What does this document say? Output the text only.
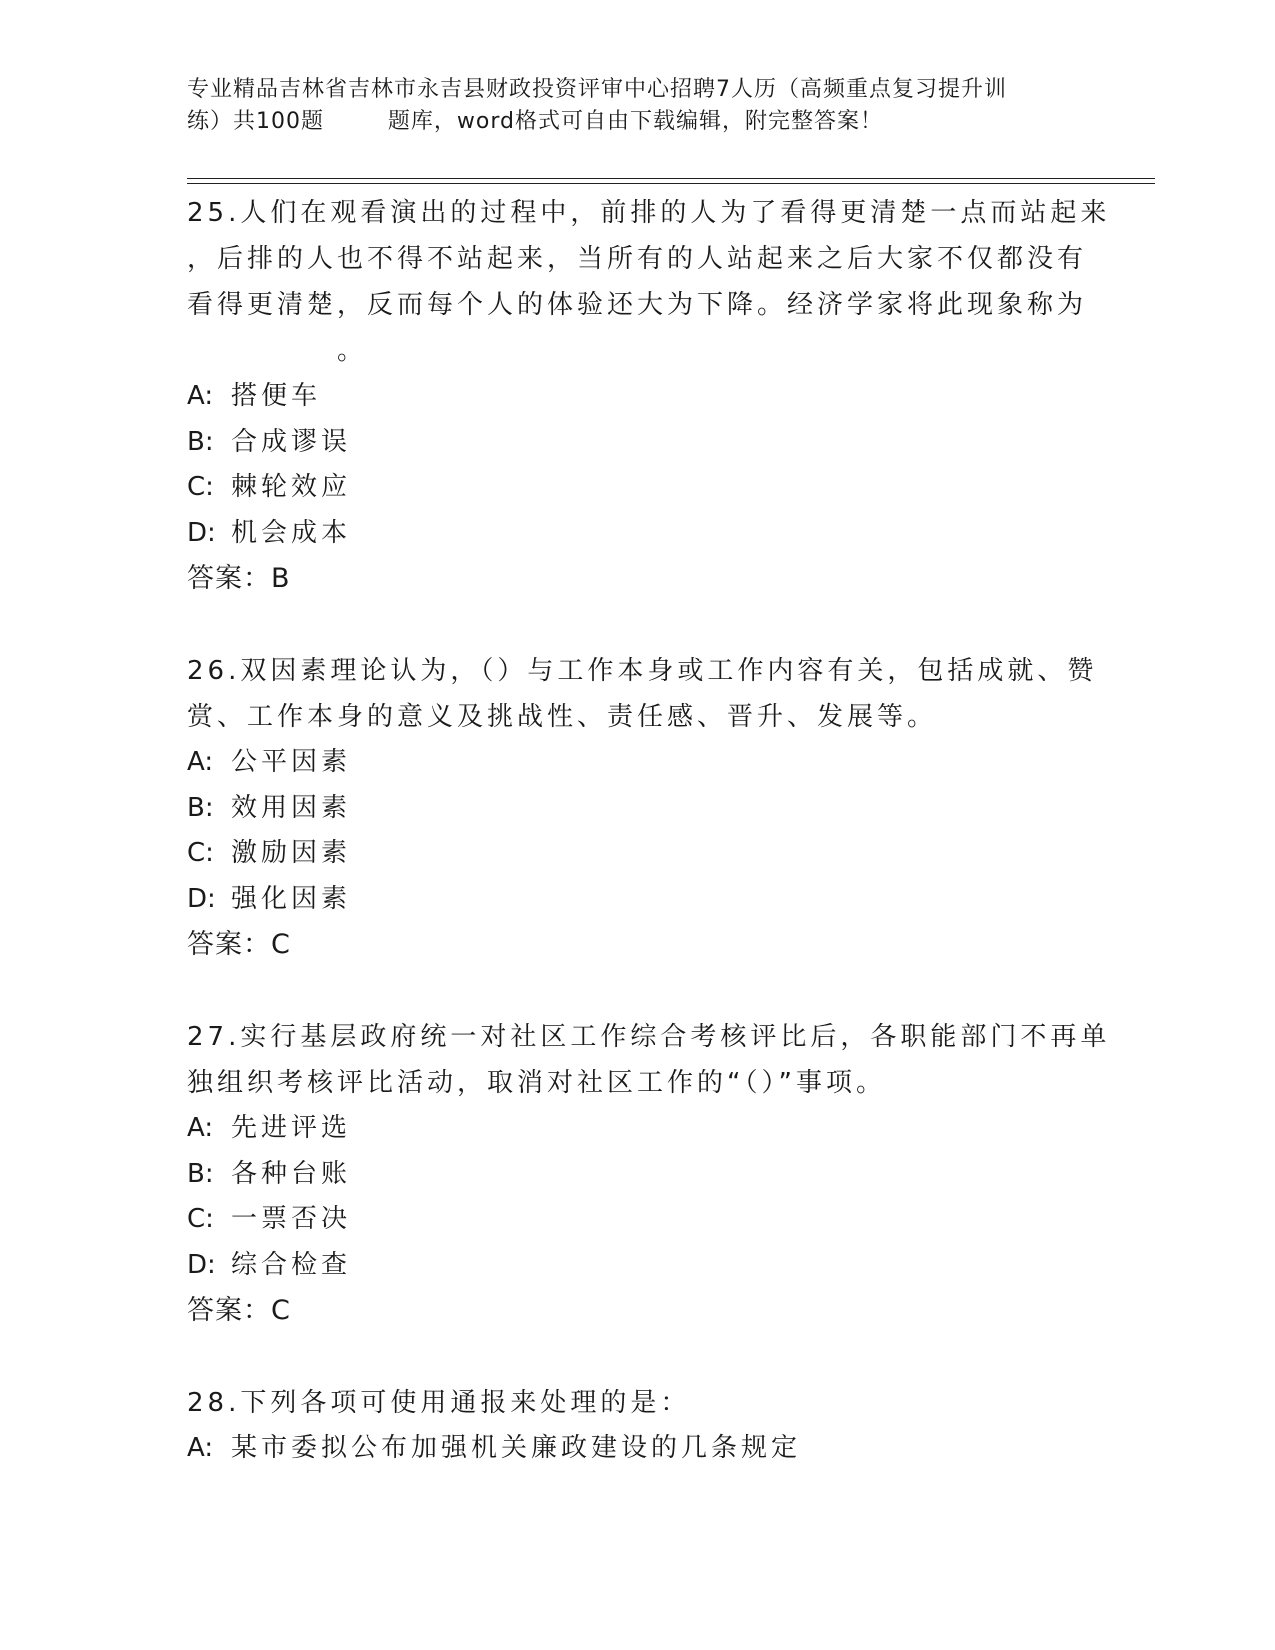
专业精品吉林省吉林市永吉县财政投资评审中心招聘7人历（高频重点复习提升训
练）共100题        题库，word格式可自由下载编辑，附完整答案！
25.人们在观看演出的过程中，前排的人为了看得更清楚一点而站起来
，后排的人也不得不站起来，当所有的人站起来之后大家不仅都没有
看得更清楚，反而每个人的体验还大为下降。经济学家将此现象称为
。
A: 搭便车
B: 合成谬误
C: 棘轮效应
D: 机会成本
答案：B
26.双因素理论认为，（）与工作本身或工作内容有关，包括成就、赞
赏、工作本身的意义及挑战性、责任感、晋升、发展等。
A: 公平因素
B: 效用因素
C: 激励因素
D: 强化因素
答案：C
27.实行基层政府统一对社区工作综合考核评比后，各职能部门不再单
独组织考核评比活动，取消对社区工作的“（）”事项。
A: 先进评选
B: 各种台账
C: 一票否决
D: 综合检查
答案：C
28.下列各项可使用通报来处理的是：
A: 某市委拟公布加强机关廉政建设的几条规定
